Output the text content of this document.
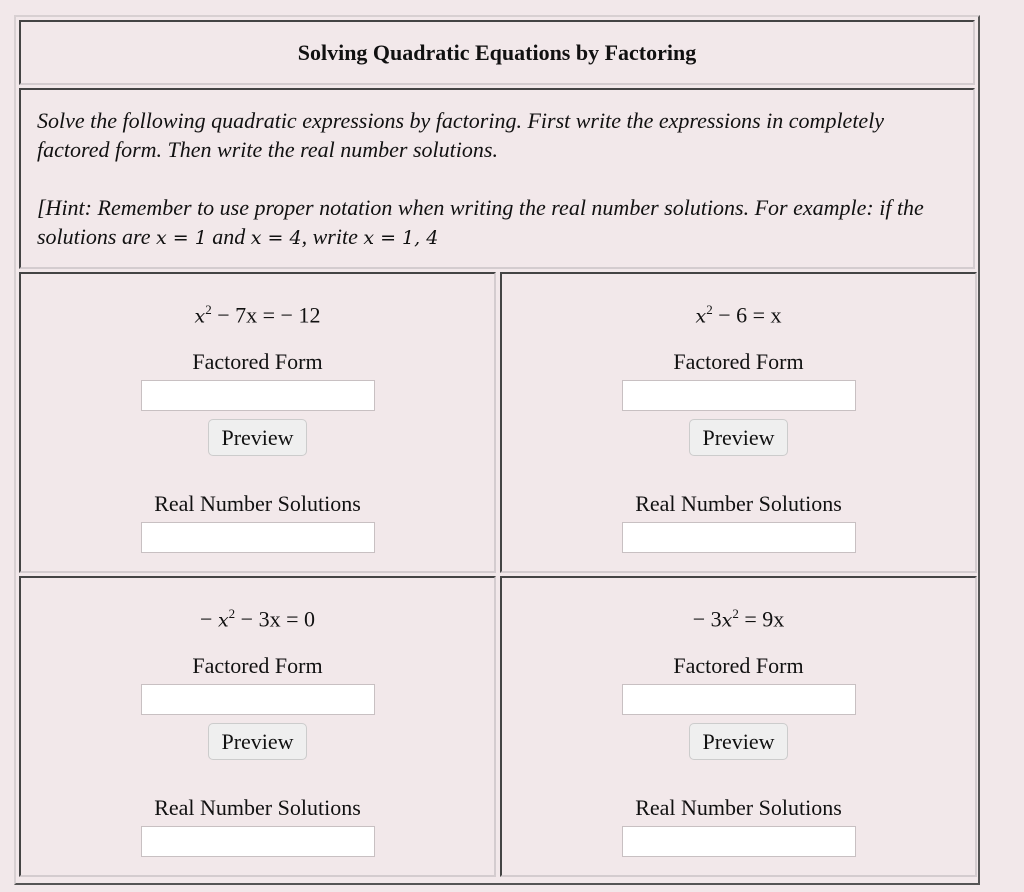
Solving Quadratic Equations by Factoring

Solve the following quadratic expressions by factoring. First write the expressions in completely factored form. Then write the real number solutions.

[Hint: Remember to use proper notation when writing the real number solutions. For example: if the solutions are x = 1 and x = 4, write x = 1, 4

$x^2 - 7x$ = − 12
Factored Form
Preview
Real Number Solutions
$x^2 - 6 = x$
Factored Form
Preview
Real Number Solutions
− $x^2 - 3x = 0$
Factored Form
Preview
Real Number Solutions
− $3x^2 = 9x$
Factored Form
Preview
Real Number Solutions
